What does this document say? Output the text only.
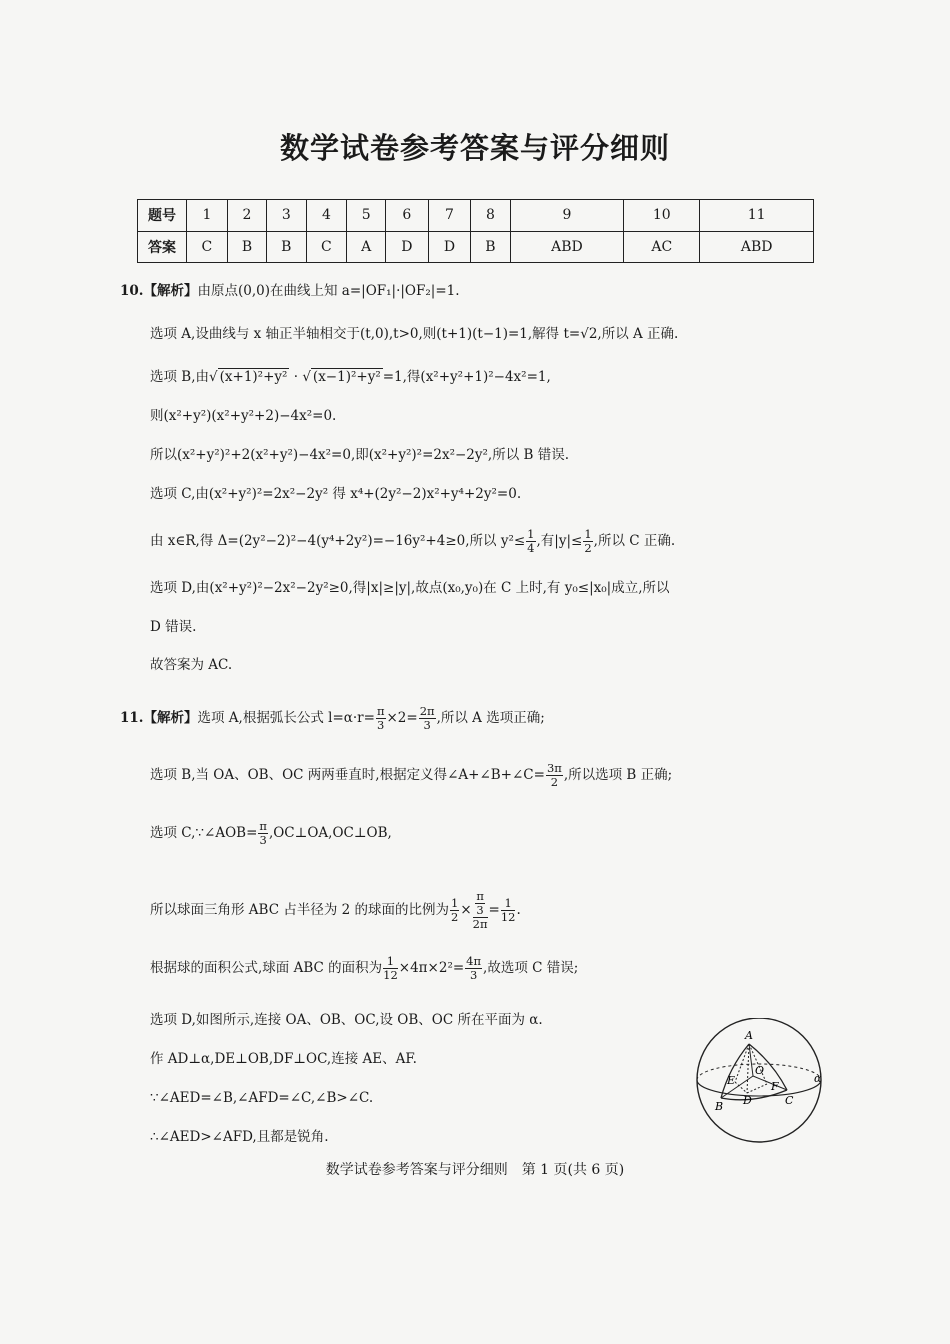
数学试卷参考答案与评分细则
题号	1	2	3	4	5	6	7	8	9	10	11
答案	C	B	B	C	A	D	D	B	ABD	AC	ABD
10.【解析】由原点(0,0)在曲线上知 a=|OF₁|·|OF₂|=1.
选项 A,设曲线与 x 轴正半轴相交于(t,0),t>0,则(t+1)(t−1)=1,解得 t=√2,所以 A 正确.
选项 B,由√ (x+1)²+y² · √ (x−1)²+y² =1,得(x²+y²+1)²−4x²=1,
则(x²+y²)(x²+y²+2)−4x²=0.
所以(x²+y²)²+2(x²+y²)−4x²=0,即(x²+y²)²=2x²−2y²,所以 B 错误.
选项 C,由(x²+y²)²=2x²−2y² 得 x⁴+(2y²−2)x²+y⁴+2y²=0.
由 x∈R,得 Δ=(2y²−2)²−4(y⁴+2y²)=−16y²+4≥0,所以 $y^2\le \frac{1}{4}$ ,有$|y|\le \frac{1}{2}$ ,所以 C 正确.
选项 D,由(x²+y²)²−2x²−2y²≥0,得|x|≥|y|,故点(x₀,y₀)在 C 上时,有 y₀≤|x₀|成立,所以
D 错误.
故答案为 AC.
11.【解析】选项 A,根据弧长公式 $l=\alpha\cdot r= \frac{\pi}{3} \times 2= \frac{2\pi}{3}$ ,所以 A 选项正确;
选项 B,当 OA、OB、OC 两两垂直时,根据定义得∠A+∠B+∠C= $\frac{3\pi}{2}$ ,所以选项 B 正确;
选项 C,∵∠AOB= $\frac{\pi}{3}$ ,OC⊥OA,OC⊥OB,
所以球面三角形 ABC 占半径为 2 的球面的比例为 $\frac{1}{2} \times \frac{\frac{\pi}{3}}{2\pi} = \frac{1}{12}$ .
根据球的面积公式,球面 ABC 的面积为 $\frac{1}{12} \times 4\pi\times 2^2= \frac{4\pi}{3}$ ,故选项 C 错误;
选项 D,如图所示,连接 OA、OB、OC,设 OB、OC 所在平面为 α.
作 AD⊥α,DE⊥OB,DF⊥OC,连接 AE、AF.
∵∠AED=∠B,∠AFD=∠C,∠B>∠C.
∴∠AED>∠AFD,且都是锐角.
A
B	C
D
E	F
O
α
数学试卷参考答案与评分细则　第 1 页(共 6 页)
